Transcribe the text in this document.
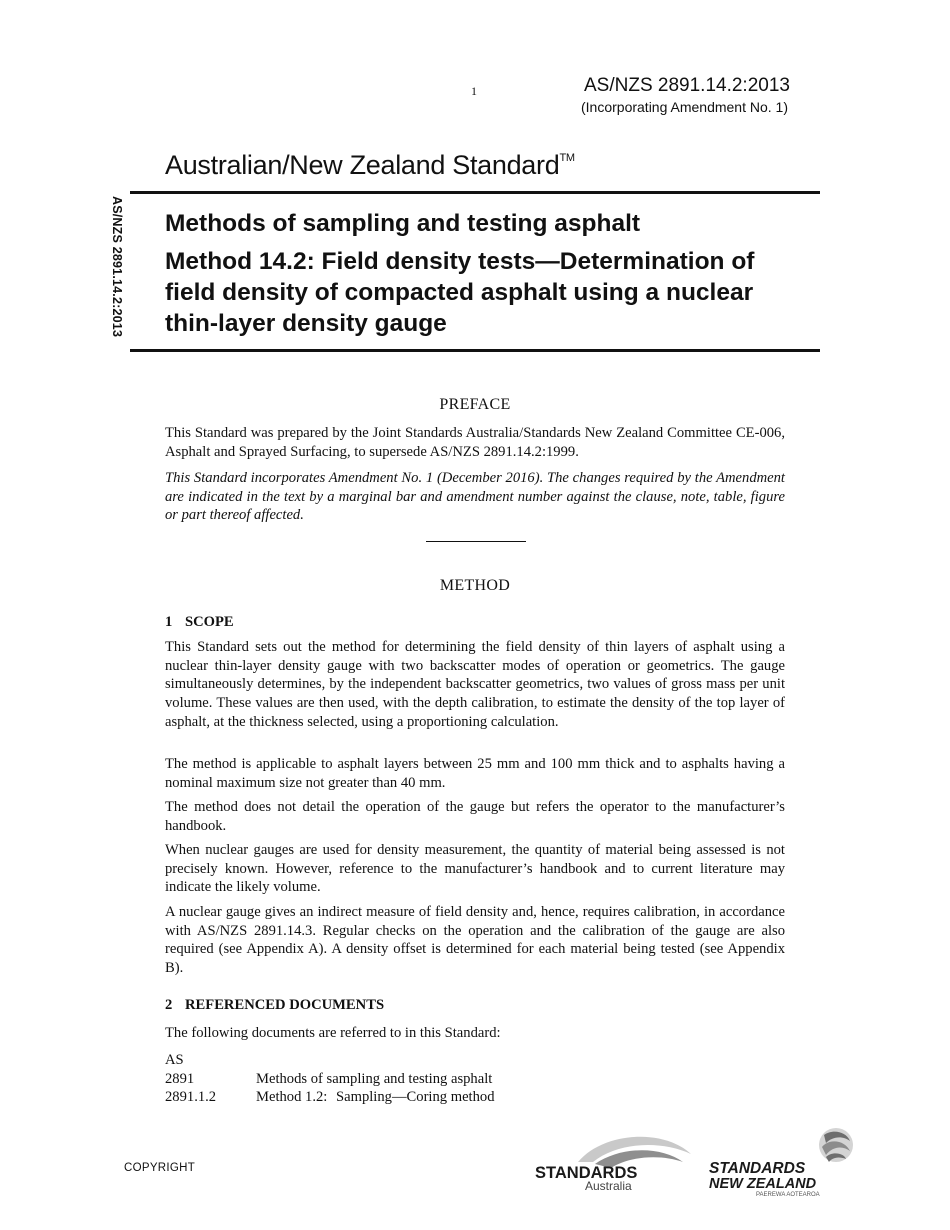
1	AS/NZS 2891.14.2:2013
(Incorporating Amendment No. 1)
Australian/New Zealand Standard™
AS/NZS 2891.14.2:2013 Methods of sampling and testing asphalt
Method 14.2: Field density tests—Determination of field density of compacted asphalt using a nuclear thin-layer density gauge
PREFACE
This Standard was prepared by the Joint Standards Australia/Standards New Zealand Committee CE-006, Asphalt and Sprayed Surfacing, to supersede AS/NZS 2891.14.2:1999.
This Standard incorporates Amendment No. 1 (December 2016). The changes required by the Amendment are indicated in the text by a marginal bar and amendment number against the clause, note, table, figure or part thereof affected.
METHOD
1 SCOPE
This Standard sets out the method for determining the field density of thin layers of asphalt using a nuclear thin-layer density gauge with two backscatter modes of operation or geometrics. The gauge simultaneously determines, by the independent backscatter geometrics, two values of gross mass per unit volume. These values are then used, with the depth calibration, to estimate the density of the top layer of asphalt, at the thickness selected, using a proportioning calculation.
The method is applicable to asphalt layers between 25 mm and 100 mm thick and to asphalts having a nominal maximum size not greater than 40 mm.
The method does not detail the operation of the gauge but refers the operator to the manufacturer’s handbook.
When nuclear gauges are used for density measurement, the quantity of material being assessed is not precisely known. However, reference to the manufacturer’s handbook and to current literature may indicate the likely volume.
A nuclear gauge gives an indirect measure of field density and, hence, requires calibration, in accordance with AS/NZS 2891.14.3. Regular checks on the operation and the calibration of the gauge are also required (see Appendix A). A density offset is determined for each material being tested (see Appendix B).
2 REFERENCED DOCUMENTS
The following documents are referred to in this Standard:
AS
2891	Methods of sampling and testing asphalt
2891.1.2	Method 1.2: Sampling—Coring method
COPYRIGHT	STANDARDS
Australia
STANDARDS
NEW ZEALAND
PAEREWA AOTEAROA
